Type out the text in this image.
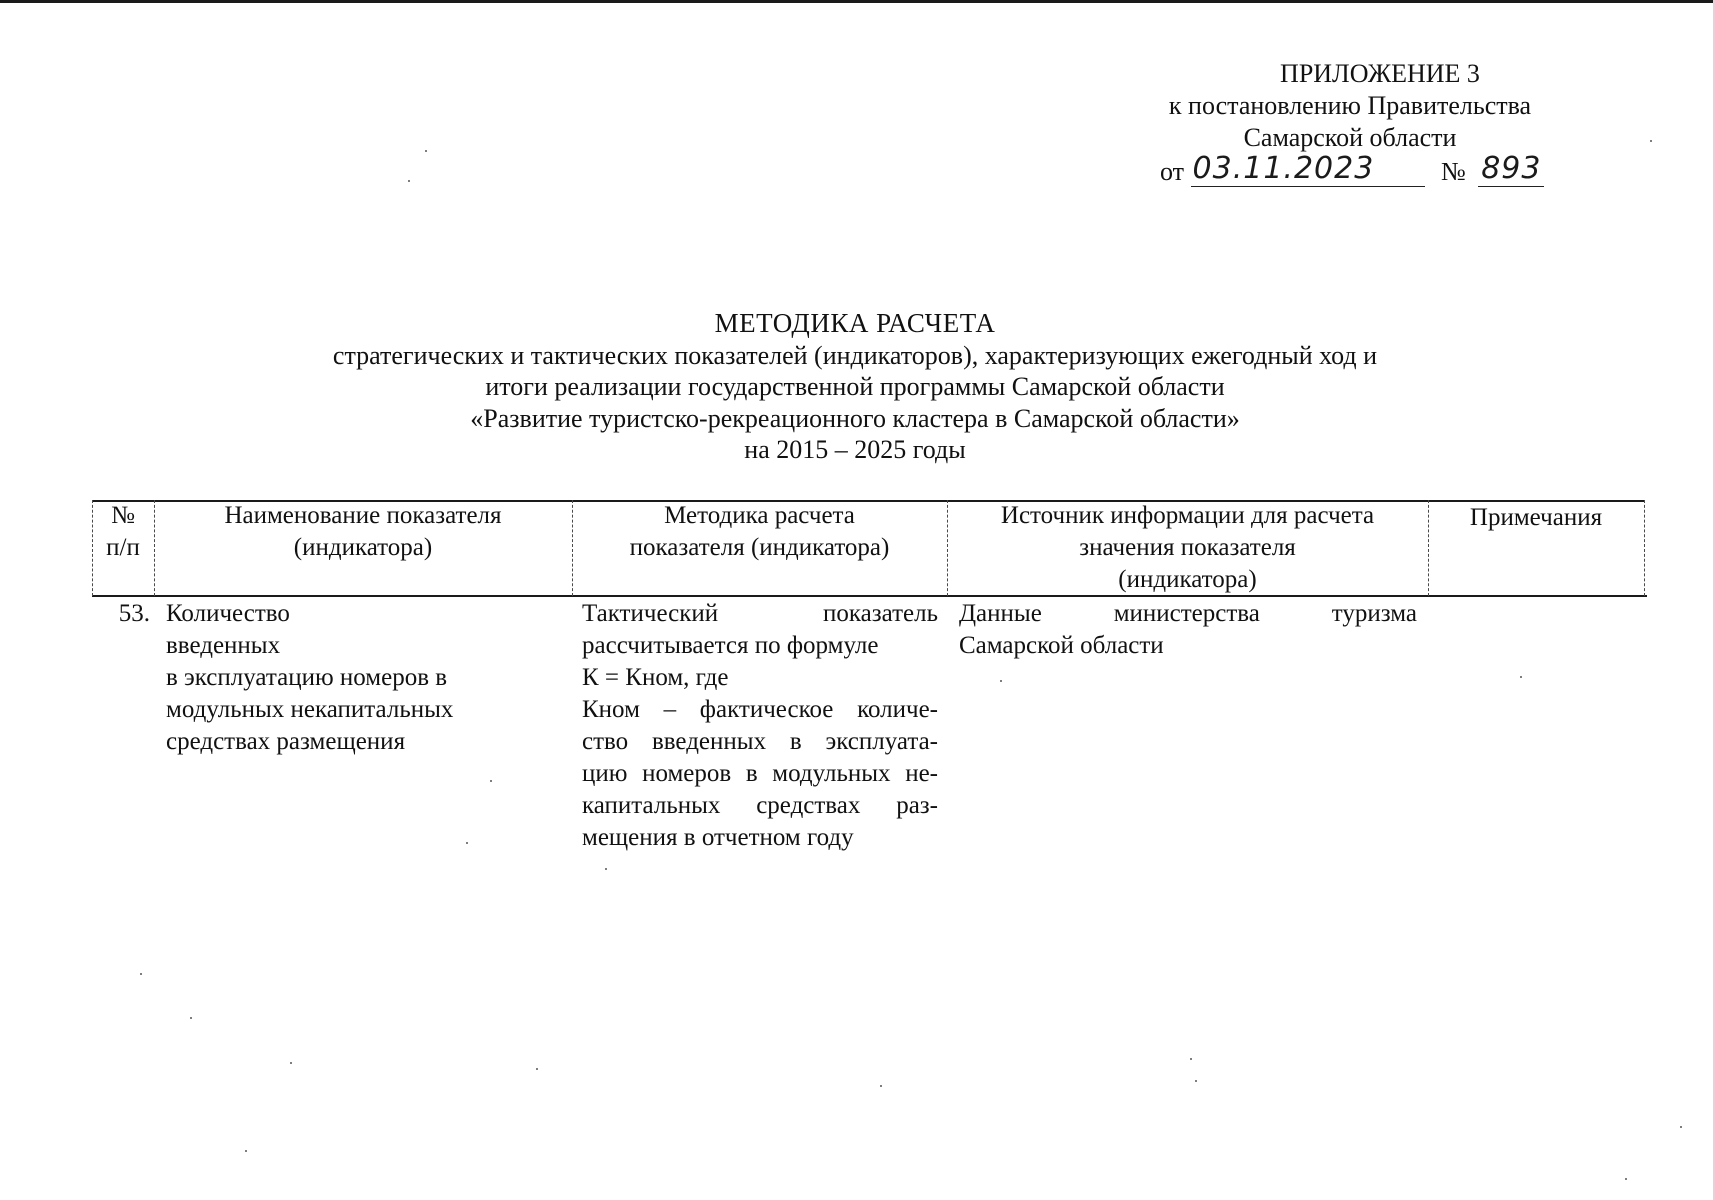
ПРИЛОЖЕНИЕ 3
к постановлению Правительства
Самарской области
от 03.11.2023	№ 893
МЕТОДИКА РАСЧЕТА
стратегических и тактических показателей (индикаторов), характеризующих ежегодный ход и
итоги реализации государственной программы Самарской области
«Развитие туристско-рекреационного кластера в Самарской области»
на 2015 – 2025 годы
№
п/п
Наименование показателя
(индикатора)
Методика расчета
показателя (индикатора)
Источник информации для расчета
значения показателя
(индикатора)
Примечания
53. Количество
введенных
в эксплуатацию номеров в
модульных некапитальных
средствах размещения
Тактический показатель
рассчитывается по формуле
К = Кном, где
Кном – фактическое количе-
ство введенных в эксплуата-
цию номеров в модульных не-
капитальных средствах раз-
мещения в отчетном году
Данные министерства туризма
Самарской области
